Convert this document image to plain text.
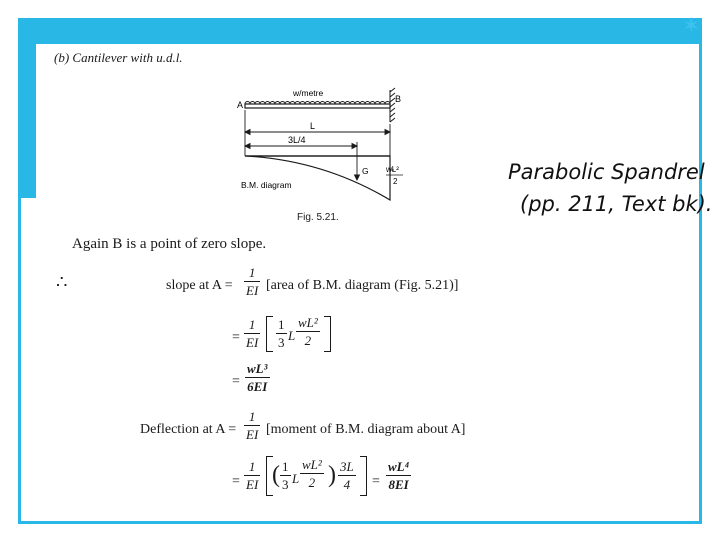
✶
(b) Cantilever with u.d.l.
w/metre
A
B
L
3L/4
G wL²
2
B.M. diagram
Fig. 5.21.
Parabolic Spandrel
(pp. 211, Text bk).
Again B is a point of zero slope.
∴	slope at A =
1
EI [area of B.M. diagram (Fig. 5.21)]
=
1
EI
1
3 L
wL²
2
=
wL³
6EI
Deflection at A =
1
EI [moment of B.M. diagram about A]
=
1
EI ( 1
3 L
wL²
2 ) 3L
4 =
wL⁴
8EI
